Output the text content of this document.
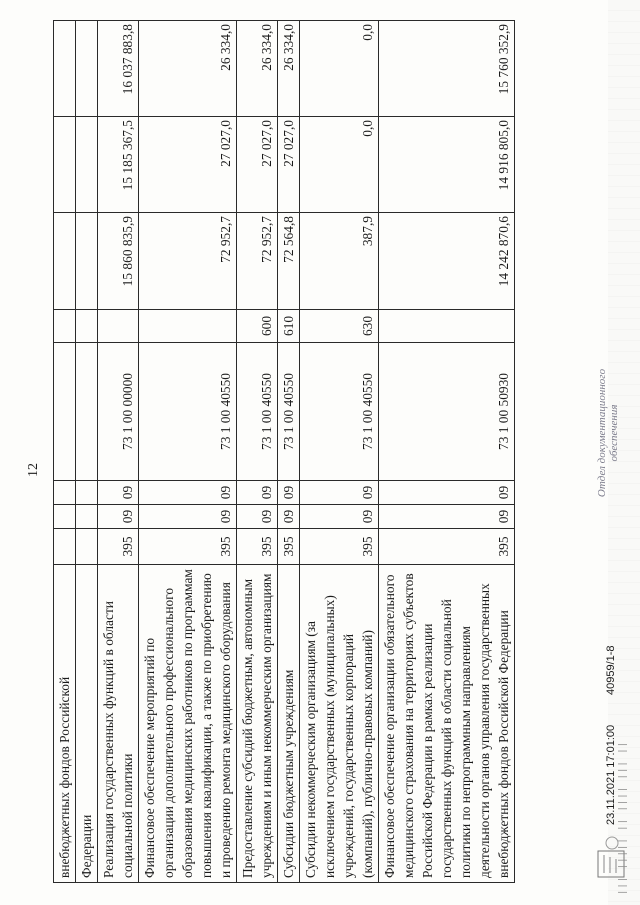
12
внебюджетных фондов Российской								
Федерации								
Реализация государственных функций в области социальной политики	395	09	09	73 1 00 00000		15 860 835,9	15 185 367,5	16 037 883,8
Финансовое обеспечение мероприятий по организации дополнительного профессионального образования медицинских работников по программам повышения квалификации, а также по приобретению и проведению ремонта медицинского оборудования	395	09	09	73 1 00 40550		72 952,7	27 027,0	26 334,0
Предоставление субсидий бюджетным, автономным учреждениям и иным некоммерческим организациям	395	09	09	73 1 00 40550	600	72 952,7	27 027,0	26 334,0
Субсидии бюджетным учреждениям	395	09	09	73 1 00 40550	610	72 564,8	27 027,0	26 334,0
Субсидии некоммерческим организациям (за исключением государственных (муниципальных) учреждений, государственных корпораций (компаний), публично-правовых компаний)	395	09	09	73 1 00 40550	630	387,9	0,0	0,0
Финансовое обеспечение организации обязательного медицинского страхования на территориях субъектов Российской Федерации в рамках реализации государственных функций в области социальной политики по непрограммным направлениям деятельности органов управления государственных внебюджетных фондов Российской Федерации	395	09	09	73 1 00 50930		14 242 870,6	14 916 805,0	15 760 352,9
23.11.2021 17:01:00
40959/1-8
Отдел документационного обеспечения
||| ||||| || |||| ||| ||
